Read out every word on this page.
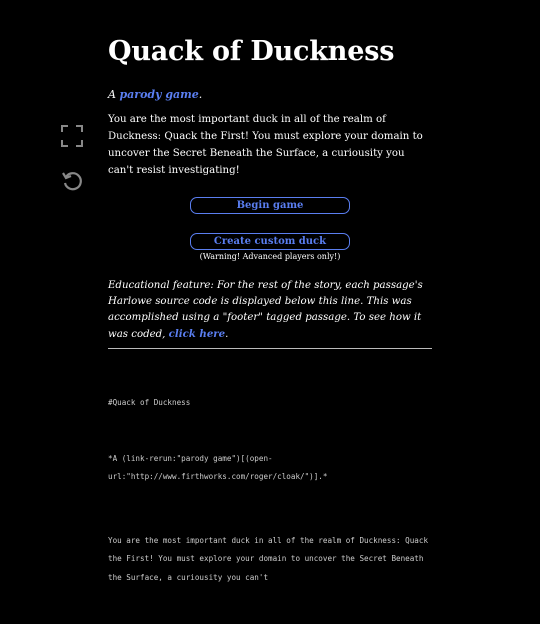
Quack of Duckness

A parody game.

You are the most important duck in all of the realm of Duckness: Quack the First! You must explore your domain to uncover the Secret Beneath the Surface, a curiousity you can't resist investigating!

Begin game
Create custom duck
(Warning! Advanced players only!)

Educational feature: For the rest of the story, each passage's Harlowe source code is displayed below this line. This was accomplished using a "footer" tagged passage. To see how it was coded, click here.

#Quack of Duckness

*A (link-rerun:"parody game")[(open-url:"http://www.firthworks.com/roger/cloak/")].*

You are the most important duck in all of the realm of Duckness: Quack the First! You must explore your domain to uncover the Secret Beneath the Surface, a curiousity you can't
